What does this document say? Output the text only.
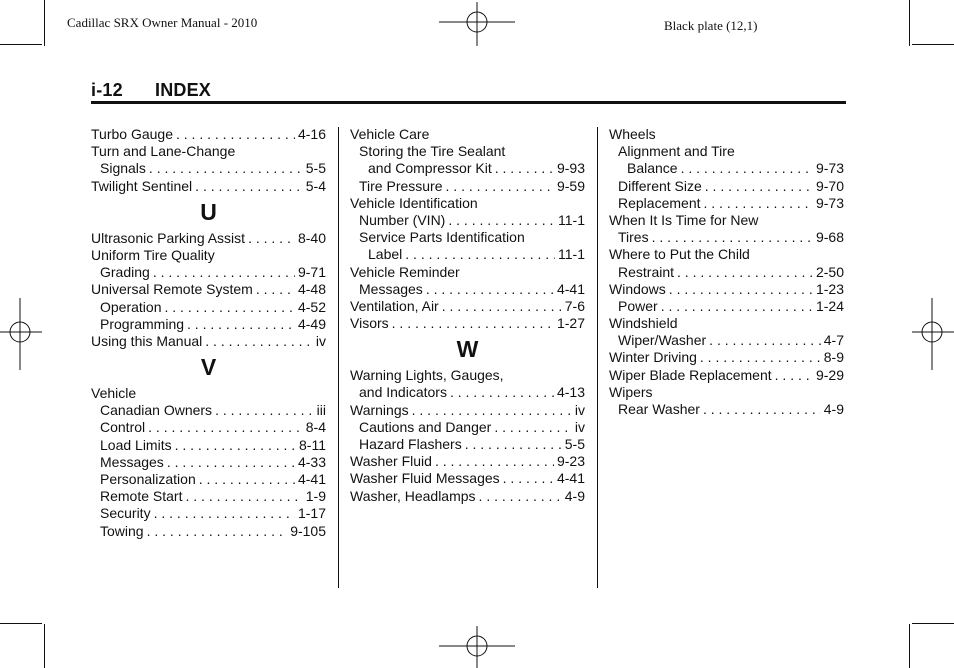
Cadillac SRX Owner Manual - 2010	Black plate (12,1)
i-12 INDEX
Turbo Gauge . . .	4-16
Turn and Lane-Change
Signals . . .	5-5
Twilight Sentinel . . .	5-4
U
Ultrasonic Parking Assist . . .	8-40
Uniform Tire Quality
Grading . . .	9-71
Universal Remote System . . .	4-48
Operation . . .	4-52
Programming . . .	4-49
Using this Manual . . .	iv
V
Vehicle
Canadian Owners . . .	iii
Control . . .	8-4
Load Limits . . .	8-11
Messages . . .	4-33
Personalization . . .	4-41
Remote Start . . .	1-9
Security . . .	1-17
Towing . . .	9-105
Vehicle Care
Storing the Tire Sealant
and Compressor Kit . . .	9-93
Tire Pressure . . .	9-59
Vehicle Identification
Number (VIN) . . .	11-1
Service Parts Identification
Label . . .	11-1
Vehicle Reminder
Messages . . .	4-41
Ventilation, Air . . .	7-6
Visors . . .	1-27
W
Warning Lights, Gauges,
and Indicators . . .	4-13
Warnings . . .	iv
Cautions and Danger . . .	iv
Hazard Flashers . . .	5-5
Washer Fluid . . .	9-23
Washer Fluid Messages . . .	4-41
Washer, Headlamps . . .	4-9
Wheels
Alignment and Tire
Balance . . .	9-73
Different Size . . .	9-70
Replacement . . .	9-73
When It Is Time for New
Tires . . .	9-68
Where to Put the Child
Restraint . . .	2-50
Windows . . .	1-23
Power . . .	1-24
Windshield
Wiper/Washer . . .	4-7
Winter Driving . . .	8-9
Wiper Blade Replacement . . .	9-29
Wipers
Rear Washer . . .	4-9
